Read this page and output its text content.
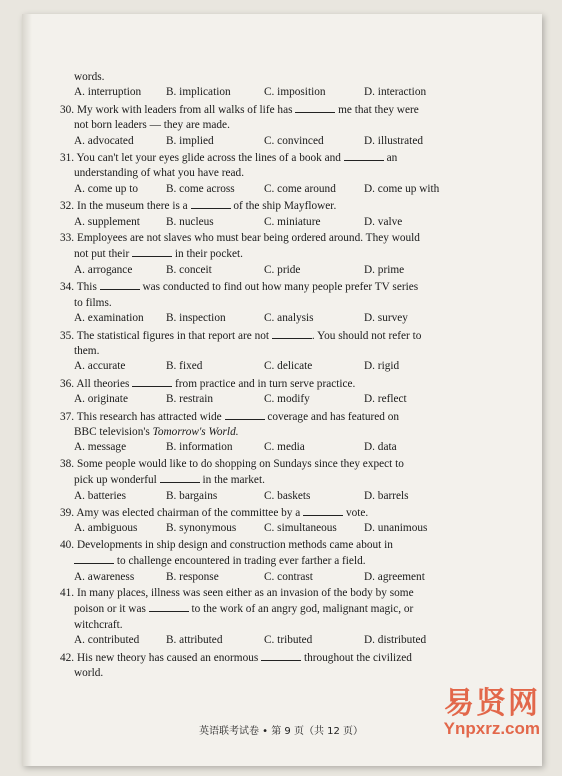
words.
A. interruption	B. implication	C. imposition	D. interaction
30. My work with leaders from all walks of life has	me that they were
not born leaders — they are made.
A. advocated	B. implied	C. convinced	D. illustrated
31. You can't let your eyes glide across the lines of a book and	an
understanding of what you have read.
A. come up to	B. come across	C. come around	D. come up with
32. In the museum there is a	of the ship Mayflower.
A. supplement	B. nucleus	C. miniature	D. valve
33. Employees are not slaves who must bear being ordered around. They would
not put their	in their pocket.
A. arrogance	B. conceit	C. pride	D. prime
34. This	was conducted to find out how many people prefer TV series
to films.
A. examination	B. inspection	C. analysis	D. survey
35. The statistical figures in that report are not	. You should not refer to
them.
A. accurate	B. fixed	C. delicate	D. rigid
36. All theories	from practice and in turn serve practice.
A. originate	B. restrain	C. modify	D. reflect
37. This research has attracted wide	coverage and has featured on
BBC television's Tomorrow's World.
A. message	B. information	C. media	D. data
38. Some people would like to do shopping on Sundays since they expect to
pick up wonderful	in the market.
A. batteries	B. bargains	C. baskets	D. barrels
39. Amy was elected chairman of the committee by a	vote.
A. ambiguous	B. synonymous	C. simultaneous	D. unanimous
40. Developments in ship design and construction methods came about in
to challenge encountered in trading ever farther a field.
A. awareness	B. response	C. contrast	D. agreement
41. In many places, illness was seen either as an invasion of the body by some
poison or it was	to the work of an angry god, malignant magic, or
witchcraft.
A. contributed	B. attributed	C. tributed	D. distributed
42. His new theory has caused an enormous	throughout the civilized
world.
英语联考试卷 • 第 9 页（共 12 页）
易贤网
Ynpxrz.com
